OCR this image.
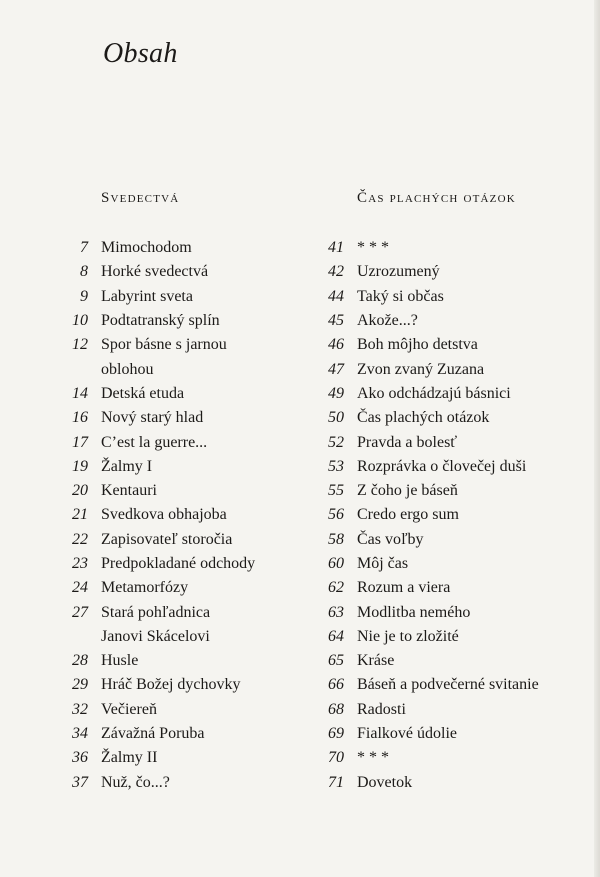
Obsah
Svedectvá	Čas plachých otázok
7 Mimochodom
8 Horké svedectvá
9 Labyrint sveta
10 Podtatranský splín
12 Spor básne s jarnou
oblohou
14 Detská etuda
16 Nový starý hlad
17 C’est la guerre...
19 Žalmy I
20 Kentauri
21 Svedkova obhajoba
22 Zapisovateľ storočia
23 Predpokladané odchody
24 Metamorfózy
27 Stará pohľadnica
Janovi Skácelovi
28 Husle
29 Hráč Božej dychovky
32 Večiereň
34 Závažná Poruba
36 Žalmy II
37 Nuž, čo...?
41 * * *
42 Uzrozumený
44 Taký si občas
45 Akože...?
46 Boh môjho detstva
47 Zvon zvaný Zuzana
49 Ako odchádzajú básnici
50 Čas plachých otázok
52 Pravda a bolesť
53 Rozprávka o človečej duši
55 Z čoho je báseň
56 Credo ergo sum
58 Čas voľby
60 Môj čas
62 Rozum a viera
63 Modlitba nemého
64 Nie je to zložité
65 Kráse
66 Báseň a podvečerné svitanie
68 Radosti
69 Fialkové údolie
70 * * *
71 Dovetok
